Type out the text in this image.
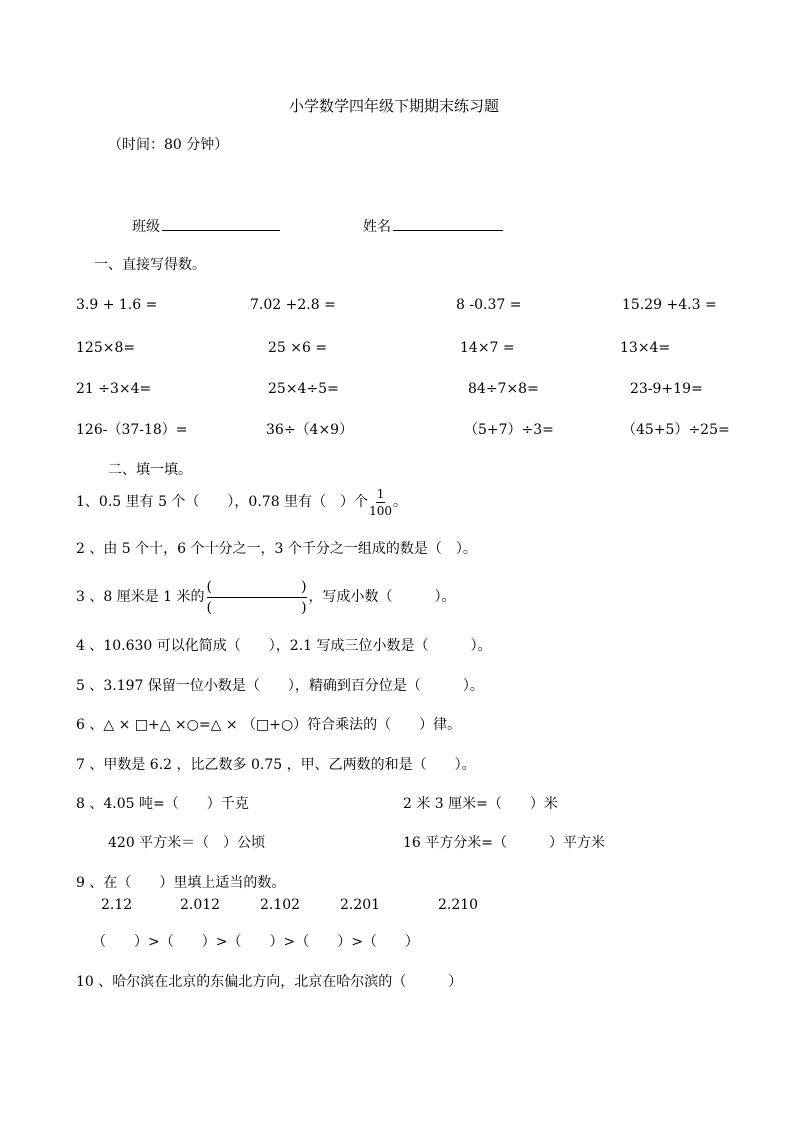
小学数学四年级下期期末练习题
（时间：80 分钟）
班级	姓名
一、直接写得数。
3.9 + 1.6 =	7.02 +2.8 =	8 -0.37 =	15.29 +4.3 =
125×8=	25 ×6 =	14×7 =	13×4=
21 ÷3×4=	25×4÷5=	84÷7×8=	23-9+19=
126-（37-18）=	36÷（4×9）	（5+7）÷3=	（45+5）÷25=
二、填一填。
1、0.5 里有 5 个（　　），0.78 里有（　）个 $\frac{1}{100}$ 。
2 、由 5 个十，6 个十分之一，3 个千分之一组成的数是（　）。
3 、8 厘米是 1 米的 (	)
(	) ，写成小数（　　　）。
4 、10.630 可以化简成（　　），2.1 写成三位小数是（　　　）。
5 、3.197 保留一位小数是（　　），精确到百分位是（　　　）。
6 、△ × □+△ ×○=△ × （□+○）符合乘法的（　　）律。
7 、甲数是 6.2 ，比乙数多 0.75 ，甲、乙两数的和是（　　）。
8 、4.05 吨=（　　）千克	2 米 3 厘米=（　　）米
420 平方米＝（　）公顷	16 平方分米=（　　　）平方米
9 、在（　　）里填上适当的数。
2.12	2.012	2.102	2.201	2.210
（　　）>（　　）>（　　）>（　　）>（　　）
10 、哈尔滨在北京的东偏北方向，北京在哈尔滨的（　　　）
